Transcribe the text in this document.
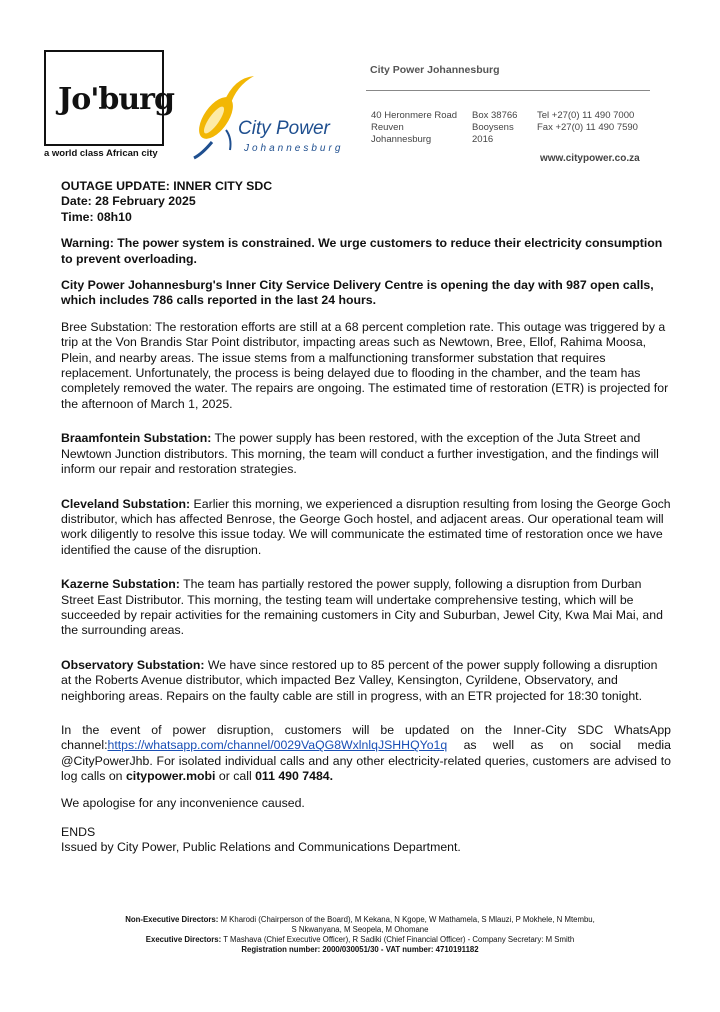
Jo'burg
a world class African city
City Power
Johannesburg
City Power Johannesburg
40 Heronmere Road
Reuven
Johannesburg
Box 38766
Booysens
2016
Tel +27(0) 11 490 7000
Fax +27(0) 11 490 7590
www.citypower.co.za
OUTAGE UPDATE: INNER CITY SDC
Date: 28 February 2025
Time: 08h10

Warning: The power system is constrained. We urge customers to reduce their electricity consumption to prevent overloading.

City Power Johannesburg's Inner City Service Delivery Centre is opening the day with 987 open calls, which includes 786 calls reported in the last 24 hours.

Bree Substation: The restoration efforts are still at a 68 percent completion rate. This outage was triggered by a trip at the Von Brandis Star Point distributor, impacting areas such as Newtown, Bree, Ellof, Rahima Moosa, Plein, and nearby areas. The issue stems from a malfunctioning transformer substation that requires replacement. Unfortunately, the process is being delayed due to flooding in the chamber, and the team has completely removed the water. The repairs are ongoing. The estimated time of restoration (ETR) is projected for the afternoon of March 1, 2025.

Braamfontein Substation: The power supply has been restored, with the exception of the Juta Street and Newtown Junction distributors. This morning, the team will conduct a further investigation, and the findings will inform our repair and restoration strategies.

Cleveland Substation: Earlier this morning, we experienced a disruption resulting from losing the George Goch distributor, which has affected Benrose, the George Goch hostel, and adjacent areas. Our operational team will work diligently to resolve this issue today. We will communicate the estimated time of restoration once we have identified the cause of the disruption.

Kazerne Substation: The team has partially restored the power supply, following a disruption from Durban Street East Distributor. This morning, the testing team will undertake comprehensive testing, which will be succeeded by repair activities for the remaining customers in City and Suburban, Jewel City, Kwa Mai Mai, and the surrounding areas.

Observatory Substation: We have since restored up to 85 percent of the power supply following a disruption at the Roberts Avenue distributor, which impacted Bez Valley, Kensington, Cyrildene, Observatory, and neighboring areas. Repairs on the faulty cable are still in progress, with an ETR projected for 18:30 tonight.

In the event of power disruption, customers will be updated on the Inner-City SDC WhatsApp channel:https://whatsapp.com/channel/0029VaQG8WxlnlqJSHHQYo1q as well as on social media @CityPowerJhb. For isolated individual calls and any other electricity-related queries, customers are advised to log calls on citypower.mobi or call 011 490 7484.

We apologise for any inconvenience caused.

ENDS
Issued by City Power, Public Relations and Communications Department.
Non-Executive Directors: M Kharodi (Chairperson of the Board), M Kekana, N Kgope, W Mathamela, S Mlauzi, P Mokhele, N Mtembu,
S Nkwanyana, M Seopela, M Ohomane
Executive Directors: T Mashava (Chief Executive Officer), R Sadiki (Chief Financial Officer) - Company Secretary: M Smith
Registration number: 2000/030051/30 - VAT number: 4710191182
